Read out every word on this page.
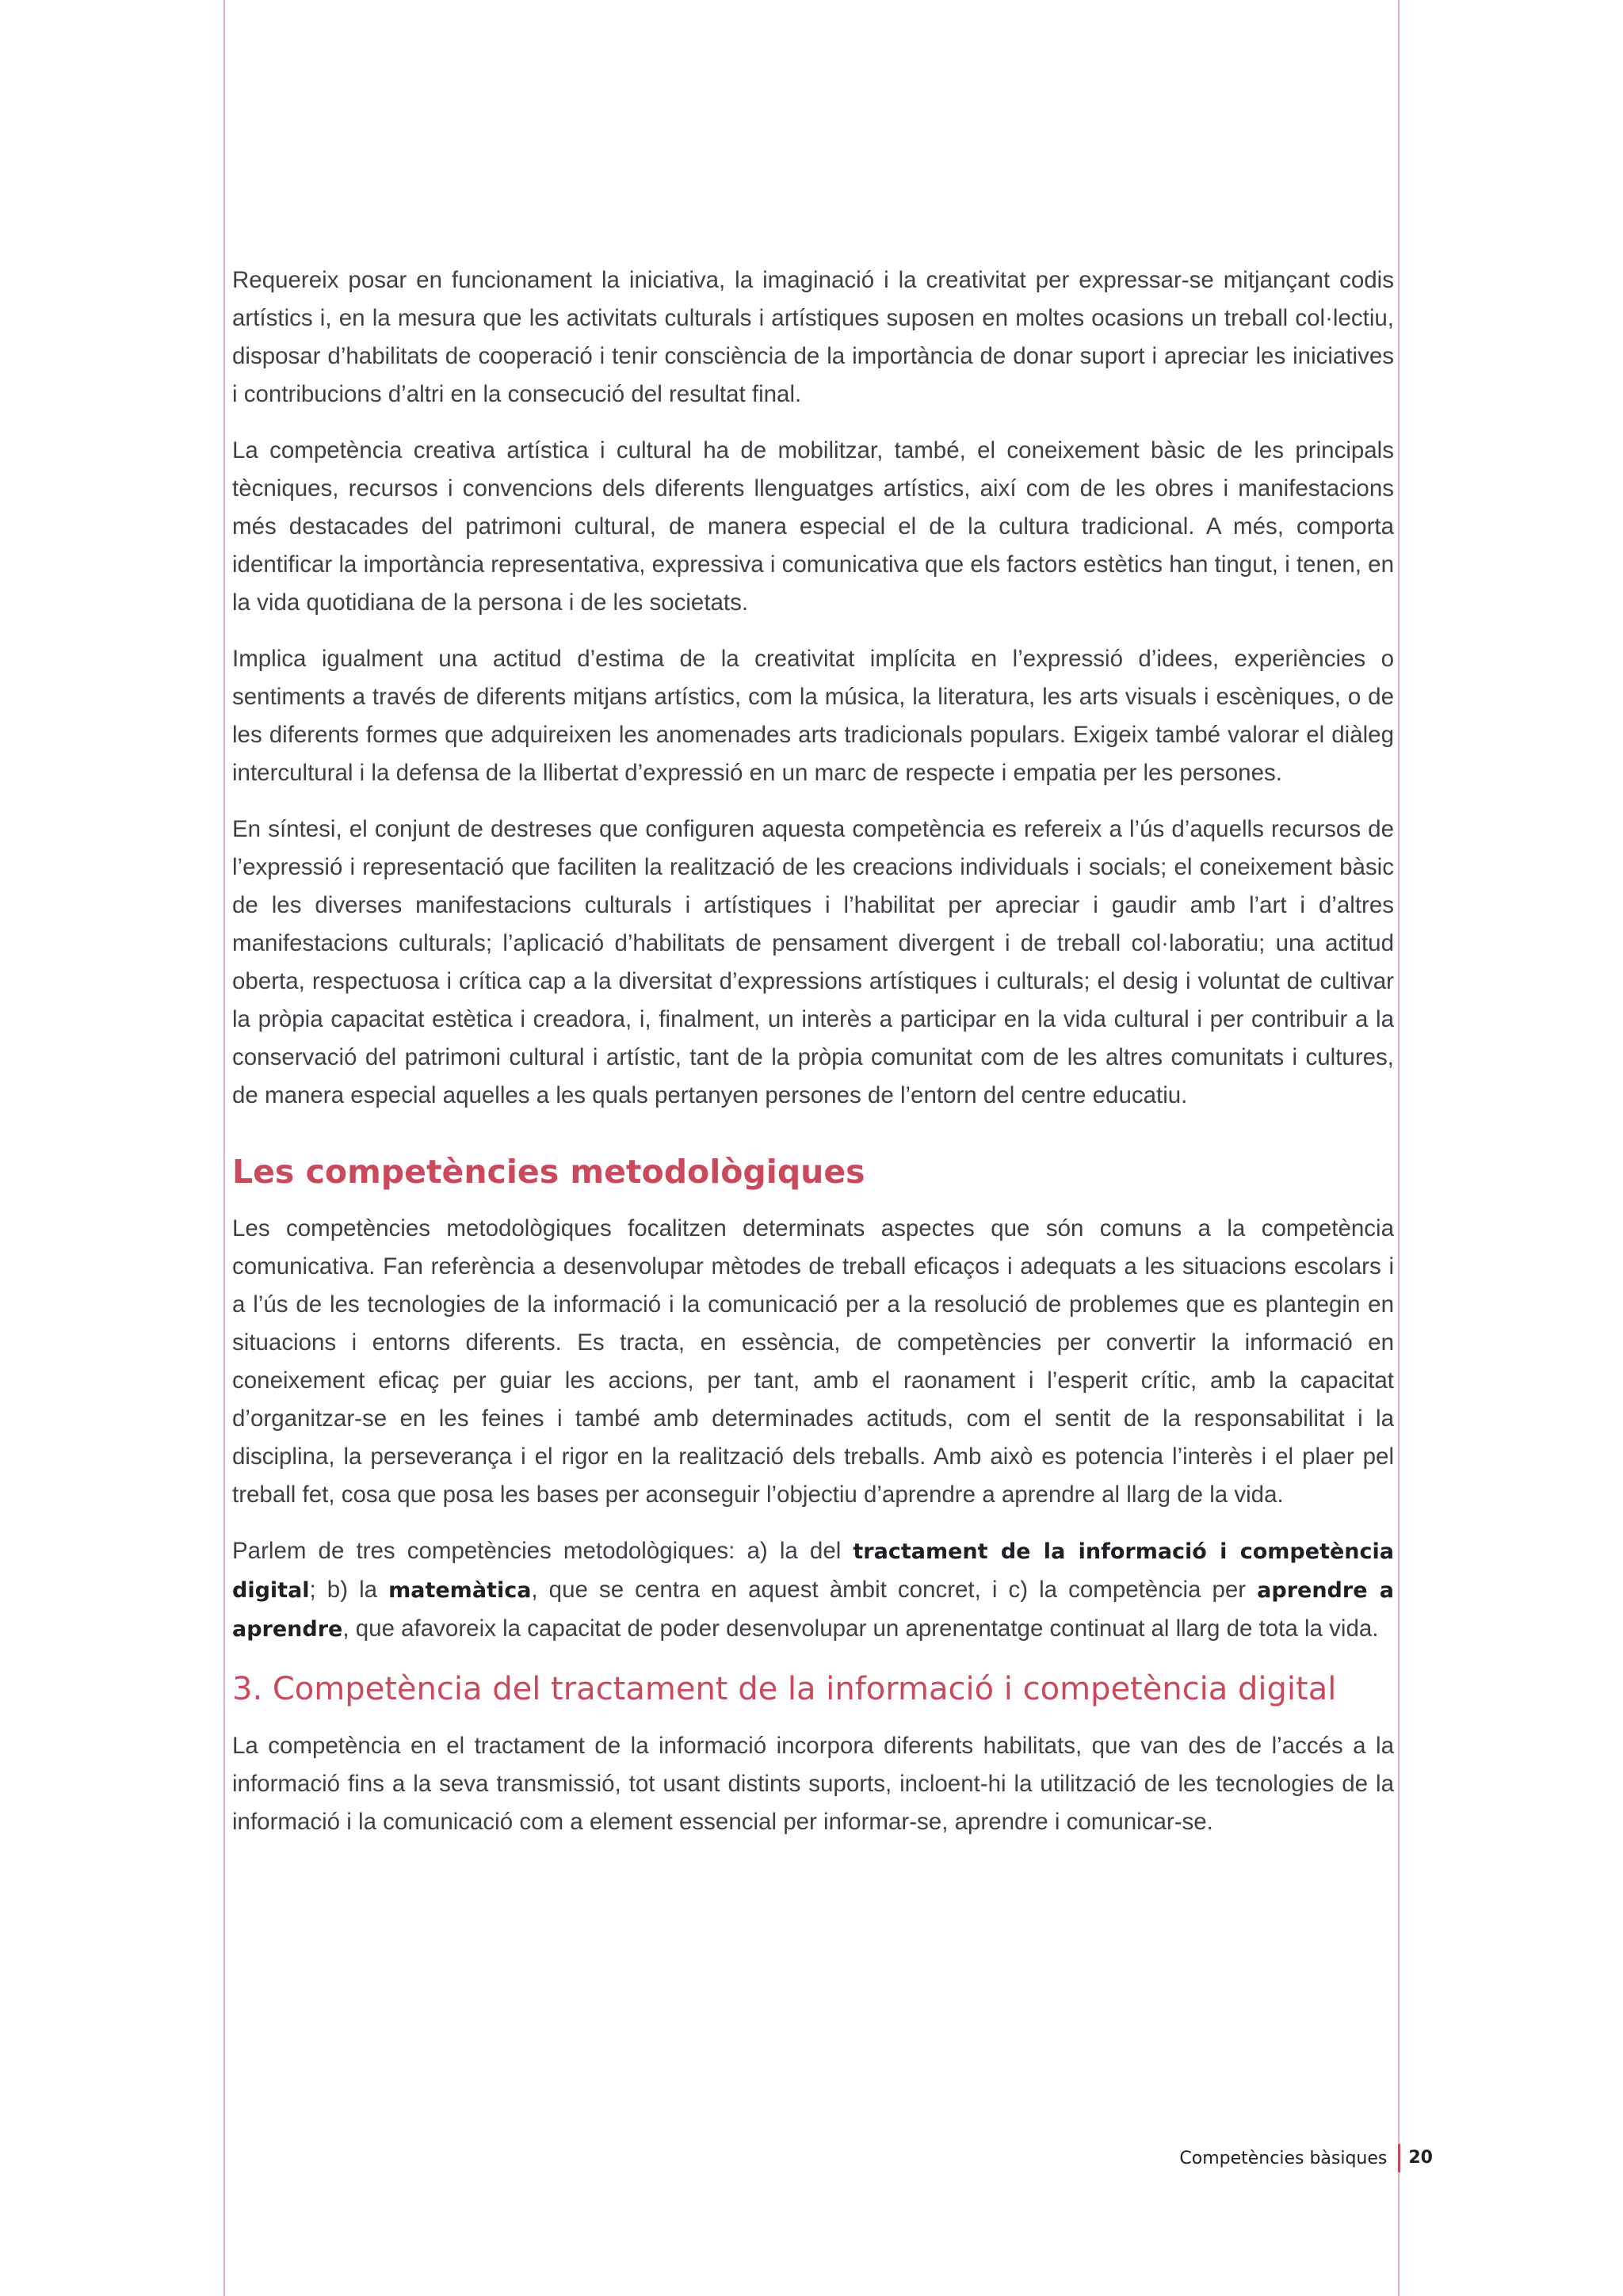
Requereix posar en funcionament la iniciativa, la imaginació i la creativitat per expressar-se mitjançant codis artístics i, en la mesura que les activitats culturals i artístiques suposen en moltes ocasions un treball col·lectiu, disposar d’habilitats de cooperació i tenir consciència de la importància de donar suport i apreciar les iniciatives i contribucions d’altri en la consecució del resultat final.

La competència creativa artística i cultural ha de mobilitzar, també, el coneixement bàsic de les principals tècniques, recursos i convencions dels diferents llenguatges artístics, així com de les obres i manifestacions més destacades del patrimoni cultural, de manera especial el de la cultura tradicional. A més, comporta identificar la importància representativa, expressiva i comunicativa que els factors estètics han tingut, i tenen, en la vida quotidiana de la persona i de les societats.

Implica igualment una actitud d’estima de la creativitat implícita en l’expressió d’idees, experiències o sentiments a través de diferents mitjans artístics, com la música, la literatura, les arts visuals i escèniques, o de les diferents formes que adquireixen les anomenades arts tradicionals populars. Exigeix també valorar el diàleg intercultural i la defensa de la llibertat d’expressió en un marc de respecte i empatia per les persones.

En síntesi, el conjunt de destreses que configuren aquesta competència es refereix a l’ús d’aquells recursos de l’expressió i representació que faciliten la realització de les creacions individuals i socials; el coneixement bàsic de les diverses manifestacions culturals i artístiques i l’habilitat per apreciar i gaudir amb l’art i d’altres manifestacions culturals; l’aplicació d’habilitats de pensament divergent i de treball col·laboratiu; una actitud oberta, respectuosa i crítica cap a la diversitat d’expressions artístiques i culturals; el desig i voluntat de cultivar la pròpia capacitat estètica i creadora, i, finalment, un interès a participar en la vida cultural i per contribuir a la conservació del patrimoni cultural i artístic, tant de la pròpia comunitat com de les altres comunitats i cultures, de manera especial aquelles a les quals pertanyen persones de l’entorn del centre educatiu.

Les competències metodològiques

Les competències metodològiques focalitzen determinats aspectes que són comuns a la competència comunicativa. Fan referència a desenvolupar mètodes de treball eficaços i adequats a les situacions escolars i a l’ús de les tecnologies de la informació i la comunicació per a la resolució de problemes que es plantegin en situacions i entorns diferents. Es tracta, en essència, de competències per convertir la informació en coneixement eficaç per guiar les accions, per tant, amb el raonament i l’esperit crític, amb la capacitat d’organitzar-se en les feines i també amb determinades actituds, com el sentit de la responsabilitat i la disciplina, la perseverança i el rigor en la realització dels treballs. Amb això es potencia l’interès i el plaer pel treball fet, cosa que posa les bases per aconseguir l’objectiu d’aprendre a aprendre al llarg de la vida.

Parlem de tres competències metodològiques: a) la del tractament de la informació i competència digital; b) la matemàtica, que se centra en aquest àmbit concret, i c) la competència per aprendre a aprendre, que afavoreix la capacitat de poder desenvolupar un aprenentatge continuat al llarg de tota la vida.

3. Competència del tractament de la informació i competència digital

La competència en el tractament de la informació incorpora diferents habilitats, que van des de l’accés a la informació fins a la seva transmissió, tot usant distints suports, incloent-hi la utilització de les tecnologies de la informació i la comunicació com a element essencial per informar-se, aprendre i comunicar-se.

Competències bàsiques	20
